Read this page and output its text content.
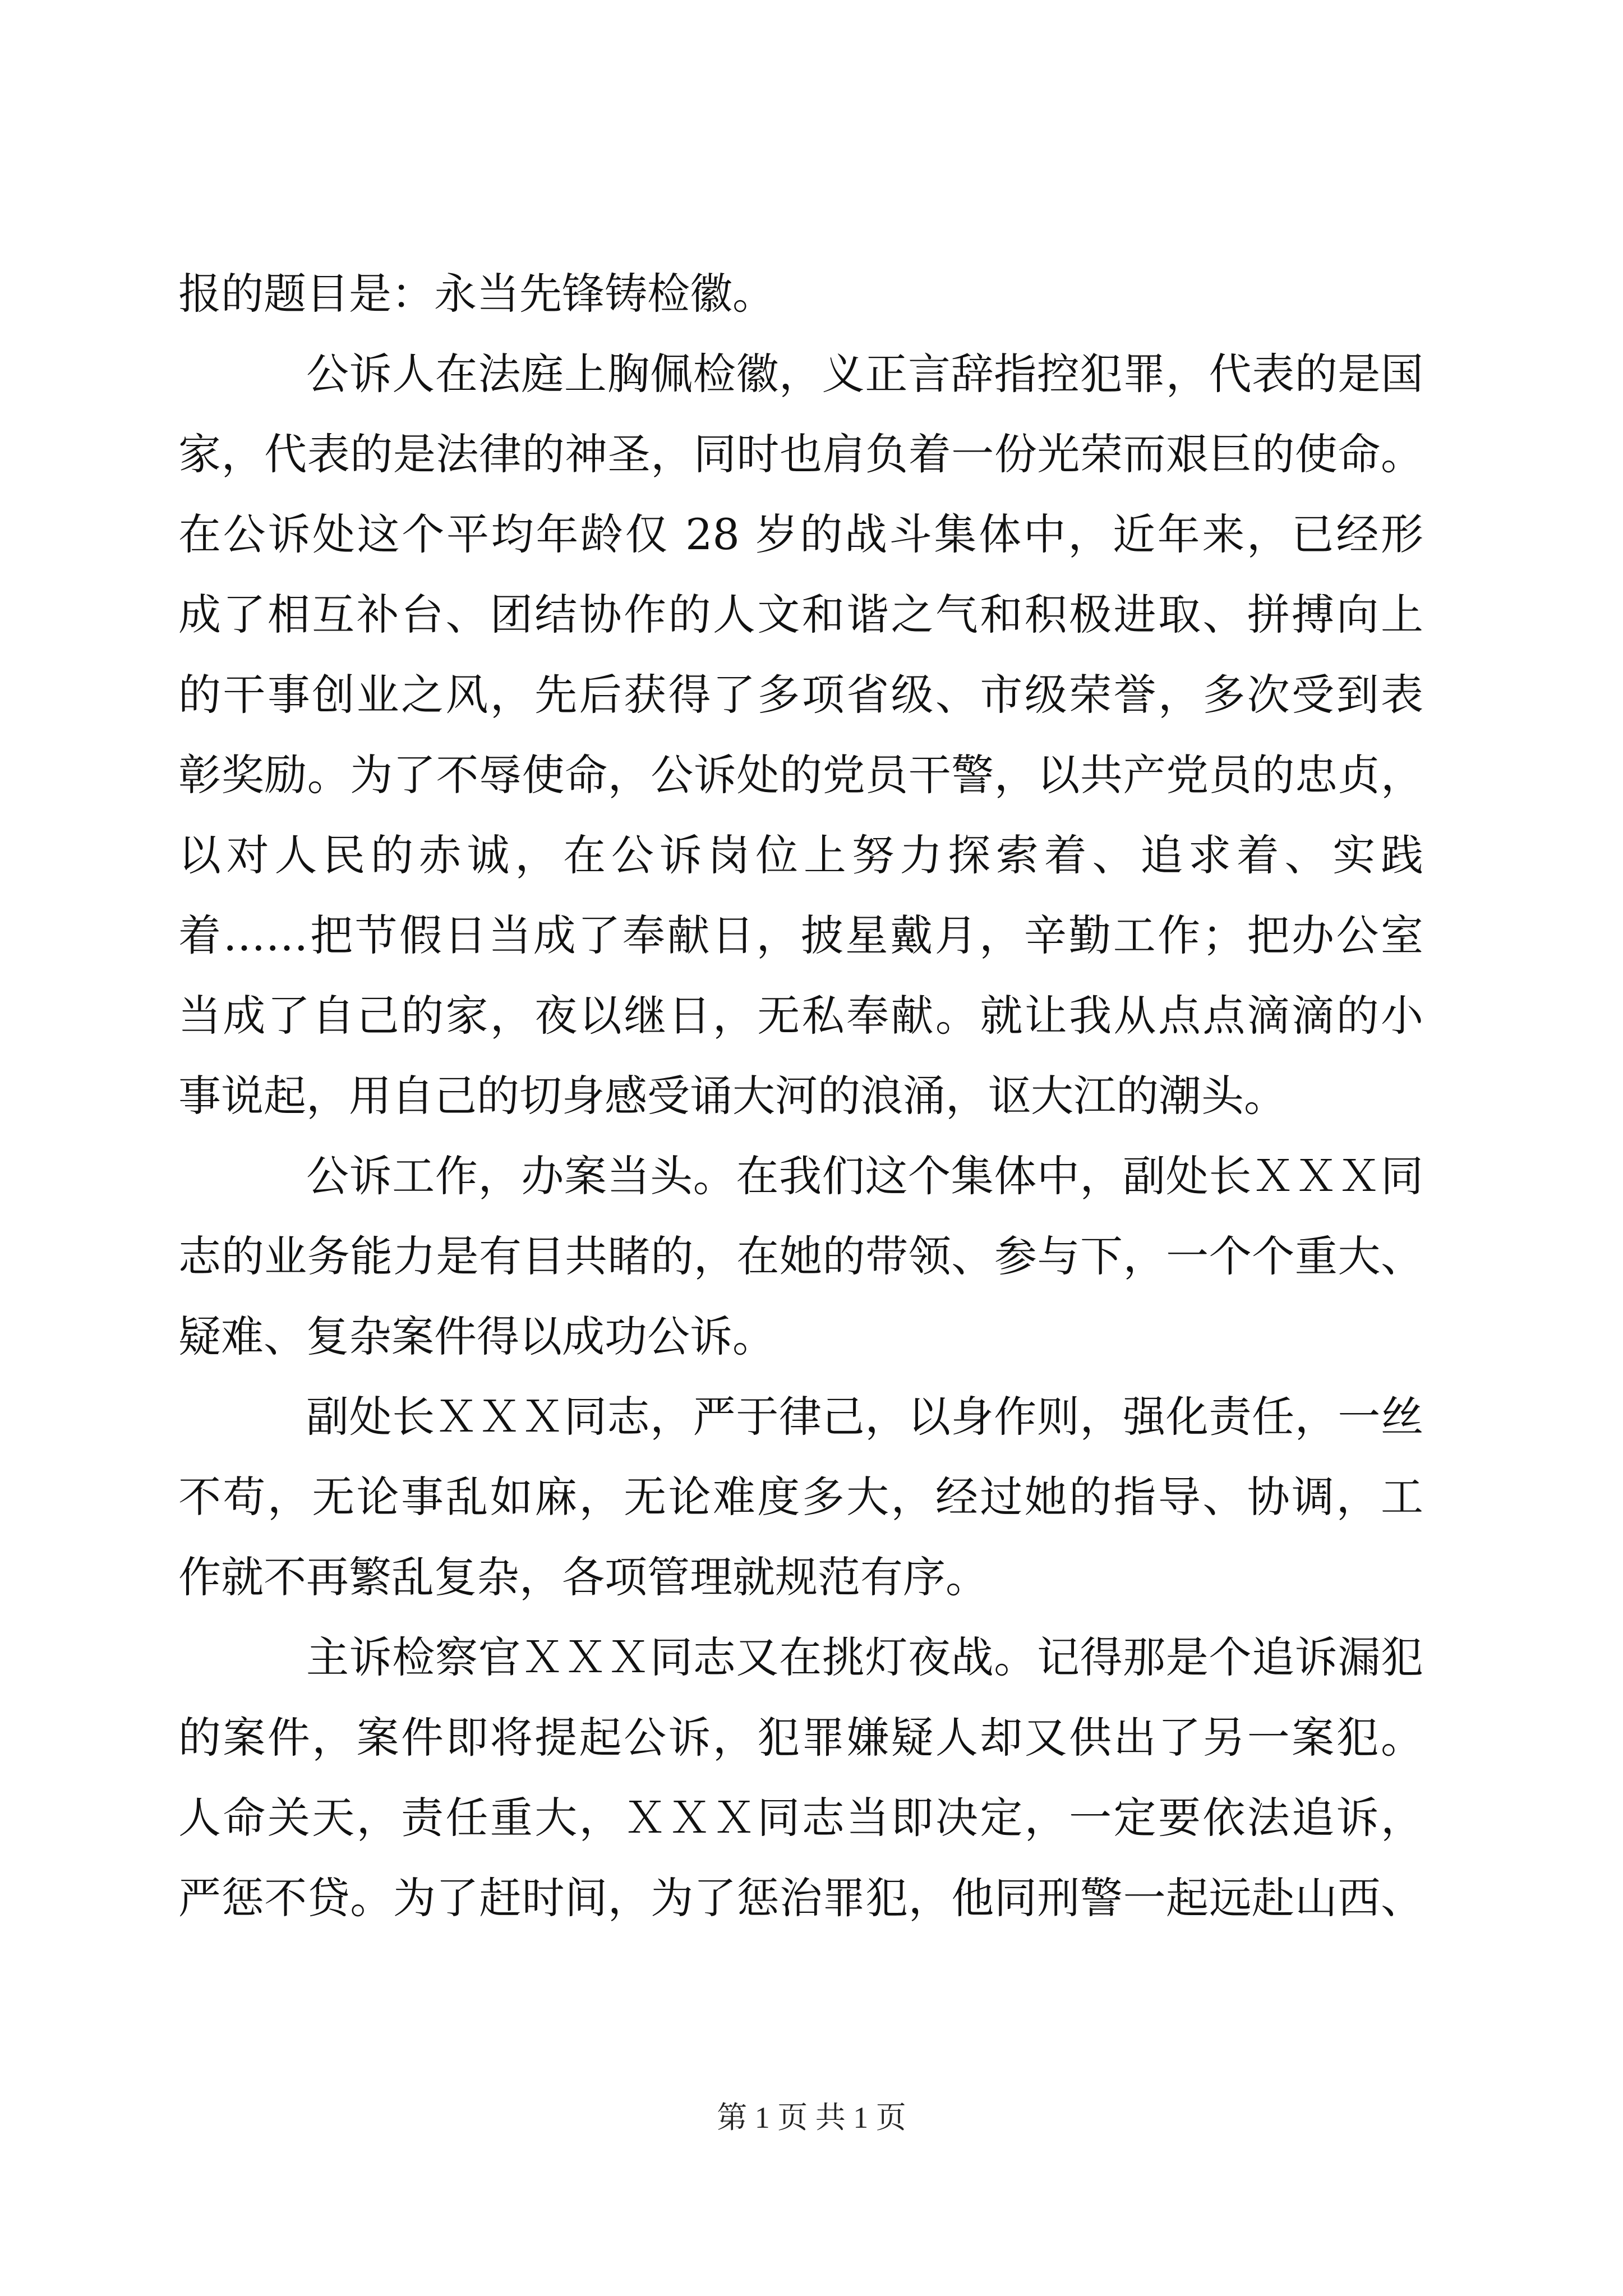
报的题目是：永当先锋铸检徽。
公诉人在法庭上胸佩检徽，义正言辞指控犯罪，代表的是国
家，代表的是法律的神圣，同时也肩负着一份光荣而艰巨的使命。
在公诉处这个平均年龄仅 28 岁的战斗集体中，近年来，已经形
成了相互补台、团结协作的人文和谐之气和积极进取、拼搏向上
的干事创业之风，先后获得了多项省级、市级荣誉，多次受到表
彰奖励。为了不辱使命，公诉处的党员干警，以共产党员的忠贞，
以对人民的赤诚，在公诉岗位上努力探索着、追求着、实践
着……把节假日当成了奉献日，披星戴月，辛勤工作；把办公室
当成了自己的家，夜以继日，无私奉献。就让我从点点滴滴的小
事说起，用自己的切身感受诵大河的浪涌，讴大江的潮头。
公诉工作，办案当头。在我们这个集体中，副处长ＸＸＸ同
志的业务能力是有目共睹的，在她的带领、参与下，一个个重大、
疑难、复杂案件得以成功公诉。
副处长ＸＸＸ同志，严于律己，以身作则，强化责任，一丝
不苟，无论事乱如麻，无论难度多大，经过她的指导、协调，工
作就不再繁乱复杂，各项管理就规范有序。
主诉检察官ＸＸＸ同志又在挑灯夜战。记得那是个追诉漏犯
的案件，案件即将提起公诉，犯罪嫌疑人却又供出了另一案犯。
人命关天，责任重大，ＸＸＸ同志当即决定，一定要依法追诉，
严惩不贷。为了赶时间，为了惩治罪犯，他同刑警一起远赴山西、
第 1 页 共 1 页
